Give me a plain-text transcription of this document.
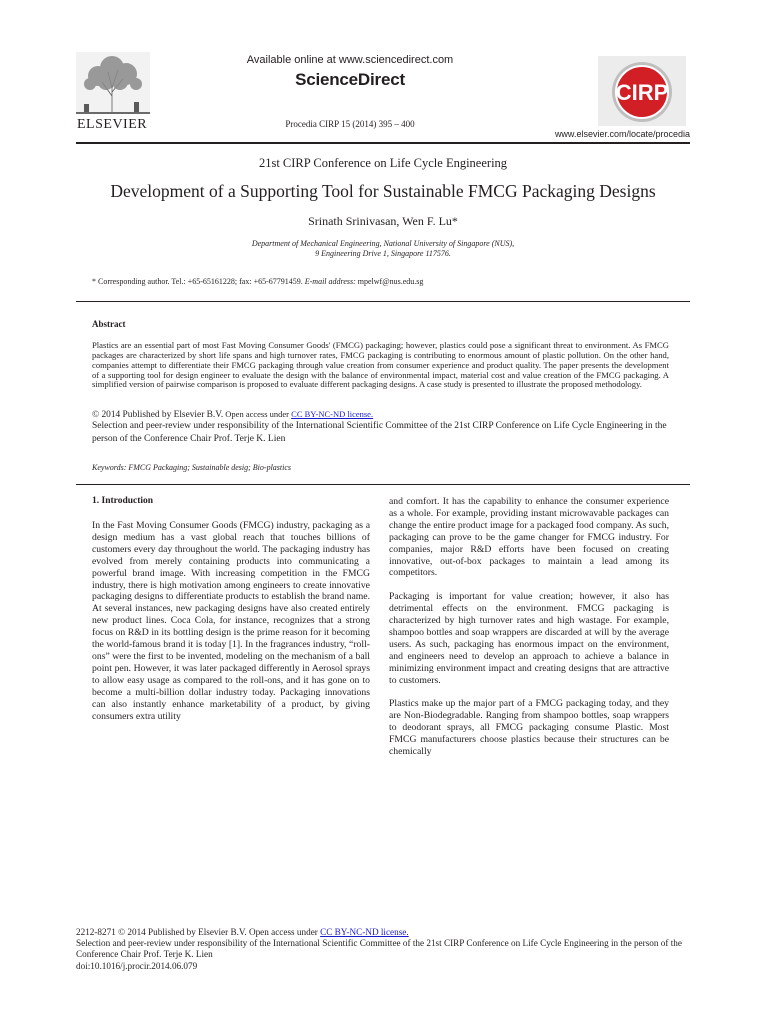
ELSEVIER
Available online at www.sciencedirect.com
ScienceDirect
Procedia CIRP 15 (2014) 395 – 400
CIRP
www.elsevier.com/locate/procedia
21st CIRP Conference on Life Cycle Engineering
Development of a Supporting Tool for Sustainable FMCG Packaging Designs
Srinath Srinivasan, Wen F. Lu*
Department of Mechanical Engineering, National University of Singapore (NUS),
9 Engineering Drive 1, Singapore 117576.
* Corresponding author. Tel.: +65-65161228; fax: +65-67791459. E-mail address: mpelwf@nus.edu.sg
Abstract
Plastics are an essential part of most Fast Moving Consumer Goods' (FMCG) packaging; however, plastics could pose a significant threat to environment. As FMCG packages are characterized by short life spans and high turnover rates, FMCG packaging is contributing to enormous amount of plastic pollution. On the other hand, companies attempt to differentiate their FMCG packaging through value creation from consumer experience and product quality. The paper presents the development of a supporting tool for design engineer to evaluate the design with the balance of environmental impact, material cost and value creation of the FMCG packaging. A simplified version of pairwise comparison is proposed to evaluate different packaging designs. A case study is presented to illustrate the proposed methodology.
© 2014 Published by Elsevier B.V. Open access under CC BY-NC-ND license.
Selection and peer-review under responsibility of the International Scientific Committee of the 21st CIRP Conference on Life Cycle Engineering in the person of the Conference Chair Prof. Terje K. Lien
Keywords: FMCG Packaging; Sustainable desig; Bio-plastics
1. Introduction

In the Fast Moving Consumer Goods (FMCG) industry, packaging as a design medium has a vast global reach that touches billions of customers every day throughout the world. The packaging industry has evolved from merely containing products into communicating a powerful brand image. With increasing competition in the FMCG industry, there is high motivation among engineers to create innovative packaging designs to differentiate products to establish the brand name. At several instances, new packaging designs have also created entirely new product lines. Coca Cola, for instance, recognizes that a strong focus on R&D in its bottling design is the prime reason for it becoming the world-famous brand it is today [1]. In the fragrances industry, “roll-ons” were the first to be invented, modeling on the mechanism of a ball point pen. However, it was later packaged differently in Aerosol sprays to allow easy usage as compared to the roll-ons, and it has gone on to become a multi-billion dollar industry today. Packaging innovations can also instantly enhance marketability of a product, by giving consumers extra utility

and comfort. It has the capability to enhance the consumer experience as a whole. For example, providing instant microwavable packages can change the entire product image for a packaged food company. As such, packaging can prove to be the game changer for FMCG industry. For companies, major R&D efforts have been focused on creating innovative, out-of-box packages to maintain a lead among its competitors.

Packaging is important for value creation; however, it also has detrimental effects on the environment. FMCG packaging is characterized by high turnover rates and high wastage. For example, shampoo bottles and soap wrappers are discarded at will by the average users. As such, packaging has enormous impact on the environment, and engineers need to develop an approach to achieve a balance in minimizing environment impact and creating designs that are attractive to customers.

Plastics make up the major part of a FMCG packaging today, and they are Non-Biodegradable. Ranging from shampoo bottles, soap wrappers to deodorant sprays, all FMCG packaging consume Plastic. Most FMCG manufacturers choose plastics because their structures can be chemically

2212-8271 © 2014 Published by Elsevier B.V. Open access under CC BY-NC-ND license.
Selection and peer-review under responsibility of the International Scientific Committee of the 21st CIRP Conference on Life Cycle Engineering in the person of the Conference Chair Prof. Terje K. Lien
doi:10.1016/j.procir.2014.06.079
